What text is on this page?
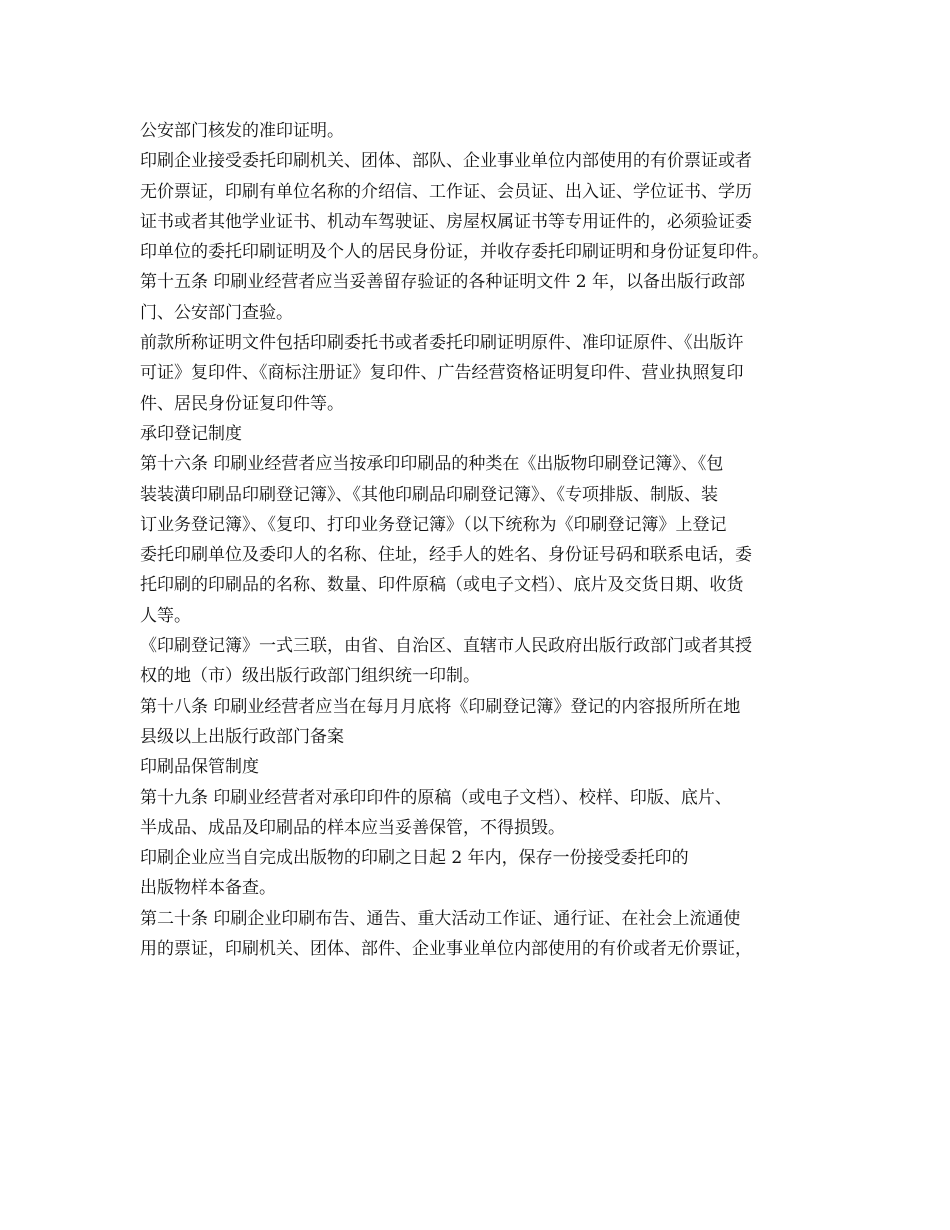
公安部门核发的准印证明。
印刷企业接受委托印刷机关、团体、部队、企业事业单位内部使用的有价票证或者
无价票证，印刷有单位名称的介绍信、工作证、会员证、出入证、学位证书、学历
证书或者其他学业证书、机动车驾驶证、房屋权属证书等专用证件的，必须验证委
印单位的委托印刷证明及个人的居民身份证，并收存委托印刷证明和身份证复印件。
第十五条 印刷业经营者应当妥善留存验证的各种证明文件 2 年，以备出版行政部
门、公安部门查验。
前款所称证明文件包括印刷委托书或者委托印刷证明原件、准印证原件、《出版许
可证》复印件、《商标注册证》复印件、广告经营资格证明复印件、营业执照复印
件、居民身份证复印件等。
承印登记制度
第十六条 印刷业经营者应当按承印印刷品的种类在《出版物印刷登记簿》、《包
装装潢印刷品印刷登记簿》、《其他印刷品印刷登记簿》、《专项排版、制版、装
订业务登记簿》、《复印、打印业务登记簿》（以下统称为《印刷登记簿》上登记
委托印刷单位及委印人的名称、住址，经手人的姓名、身份证号码和联系电话，委
托印刷的印刷品的名称、数量、印件原稿（或电子文档）、底片及交货日期、收货
人等。
《印刷登记簿》一式三联，由省、自治区、直辖市人民政府出版行政部门或者其授
权的地（市）级出版行政部门组织统一印制。
第十八条 印刷业经营者应当在每月月底将《印刷登记簿》登记的内容报所所在地
县级以上出版行政部门备案
印刷品保管制度
第十九条 印刷业经营者对承印印件的原稿（或电子文档）、校样、印版、底片、
半成品、成品及印刷品的样本应当妥善保管，不得损毁。
印刷企业应当自完成出版物的印刷之日起 2 年内，保存一份接受委托印的
出版物样本备查。
第二十条 印刷企业印刷布告、通告、重大活动工作证、通行证、在社会上流通使
用的票证，印刷机关、团体、部件、企业事业单位内部使用的有价或者无价票证，
